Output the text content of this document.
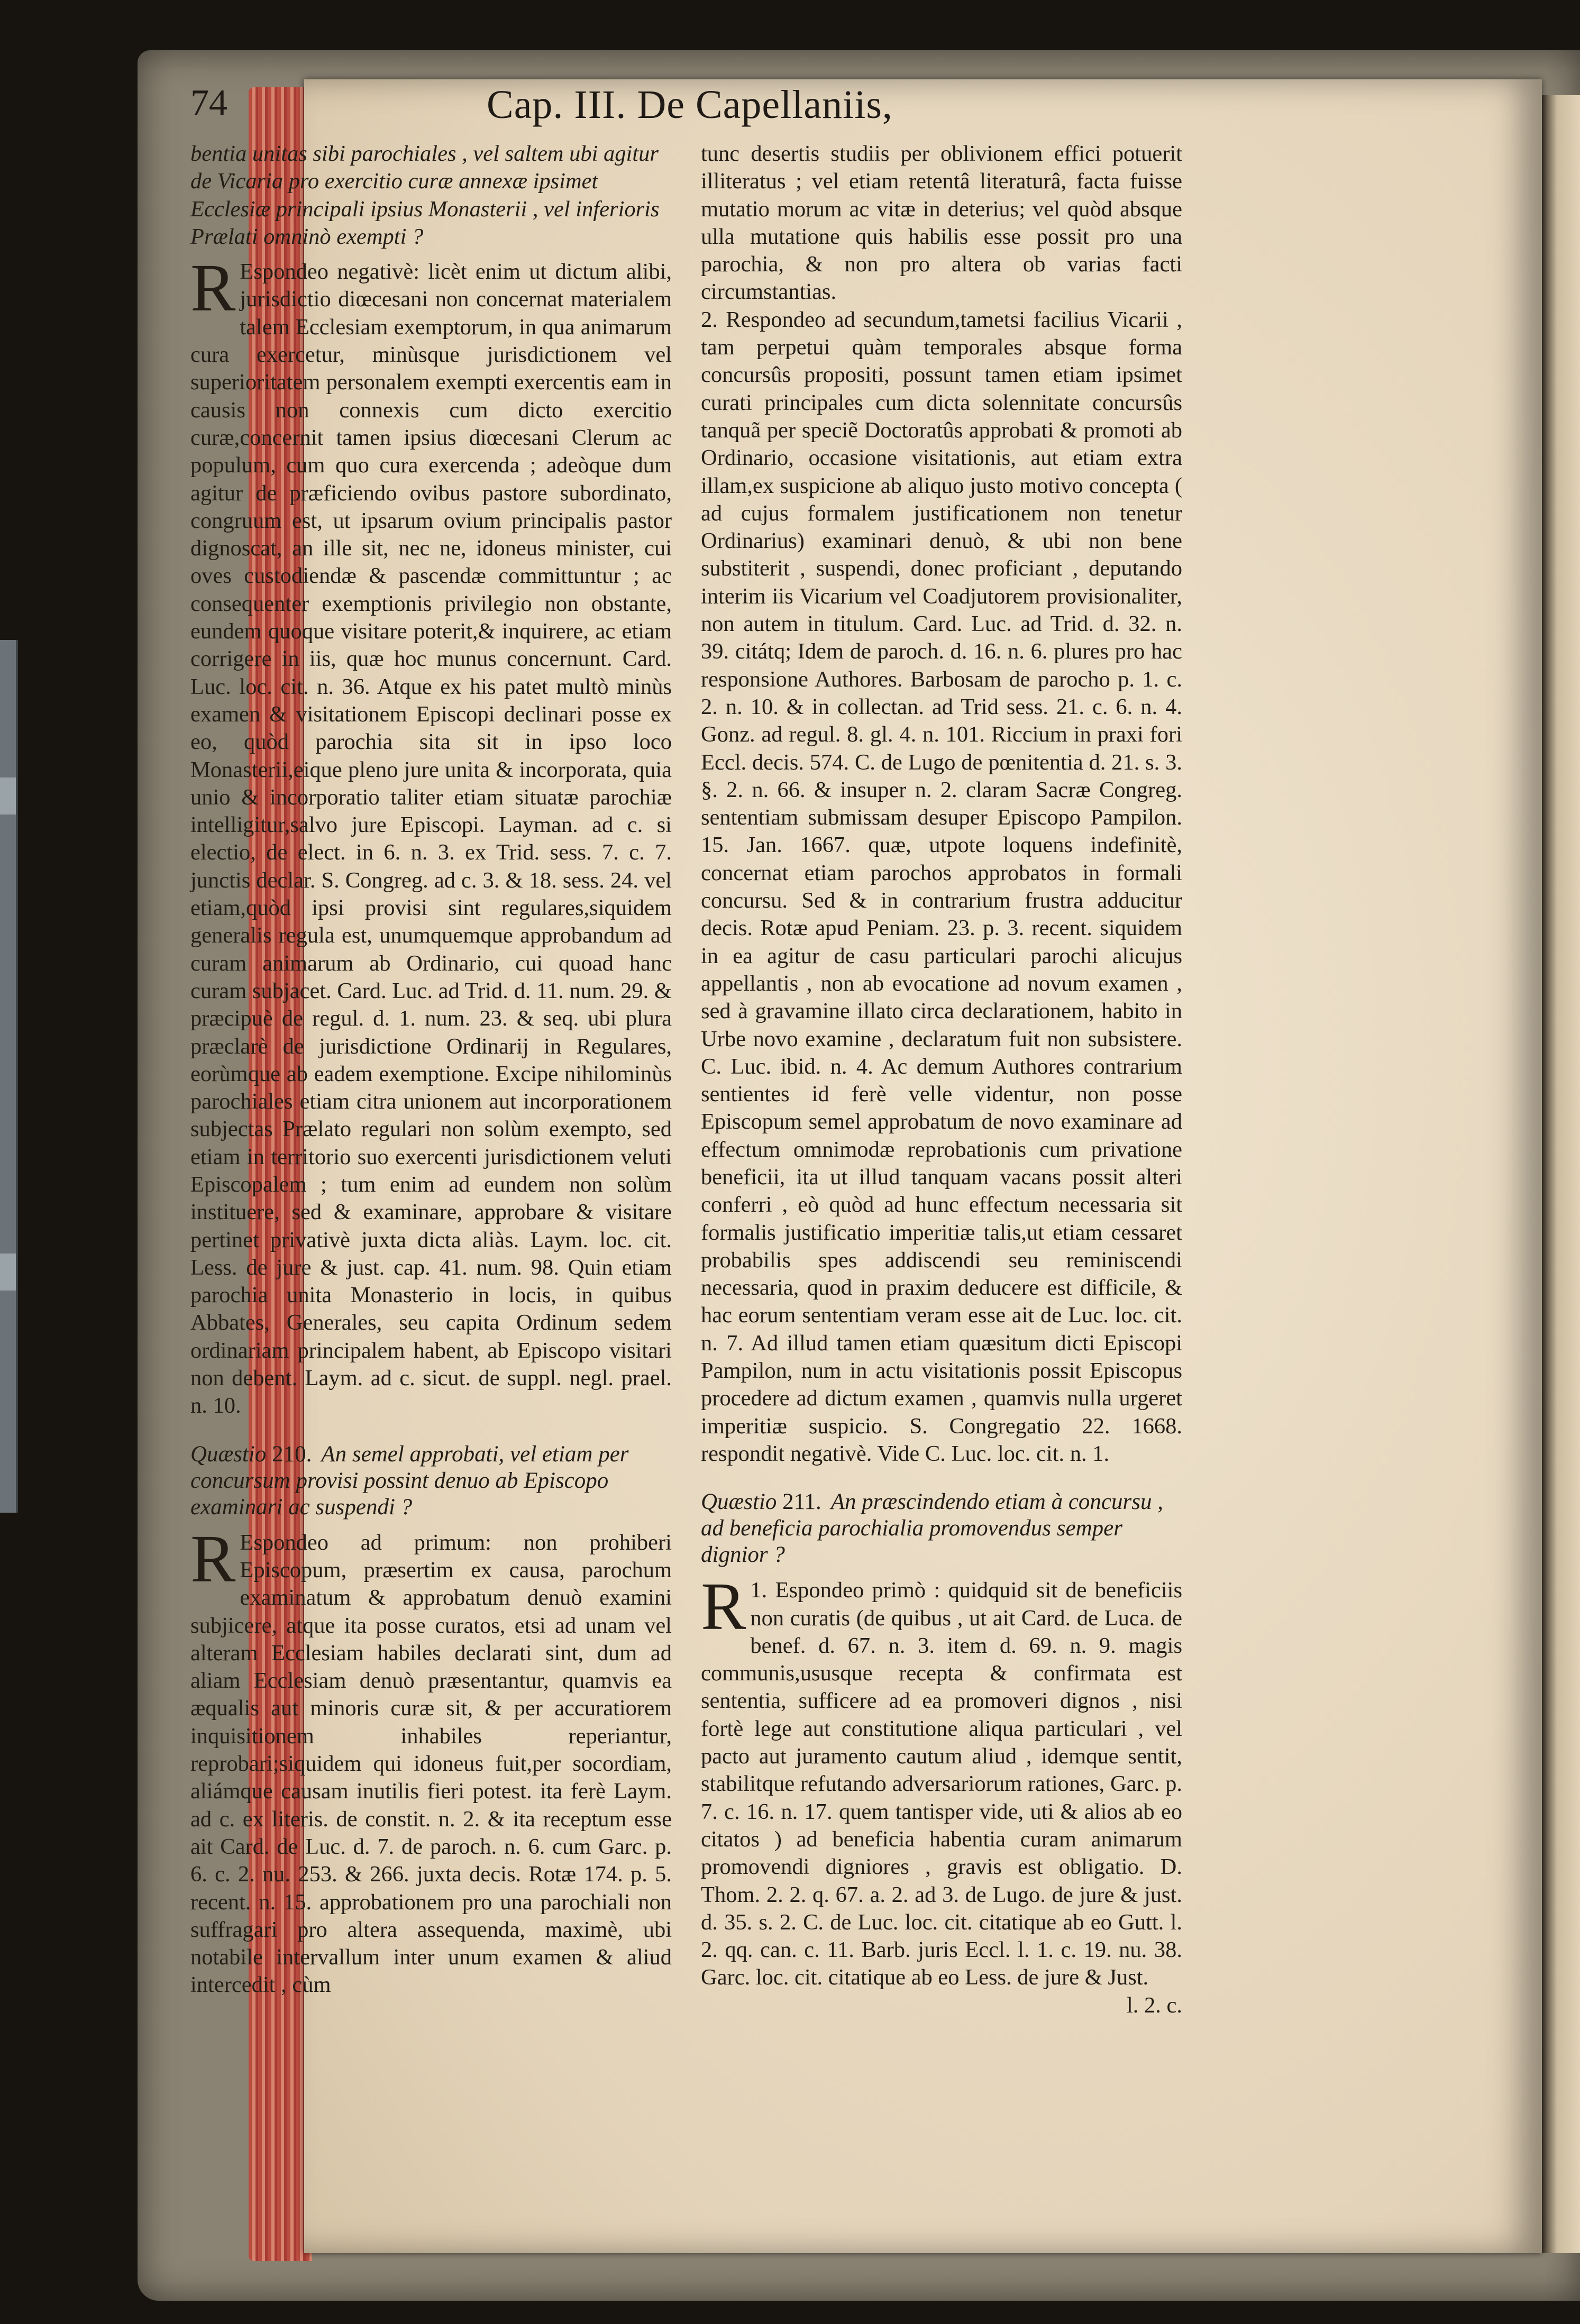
74	Cap. III. De Capellaniis,

bentia unitas sibi parochiales , vel saltem ubi agitur de Vicaria pro exercitio curæ annexæ ipsimet Ecclesiæ principali ipsius Monasterii , vel inferioris Prælati omninò exempti ?

R Espondeo negativè: licèt enim ut dictum alibi, jurisdictio diœcesani non concernat materialem talem Ecclesiam exemptorum, in qua animarum cura exercetur, minùsque jurisdictionem vel superioritatem personalem exempti exercentis eam in causis non connexis cum dicto exercitio curæ,concernit tamen ipsius diœcesani Clerum ac populum, cum quo cura exercenda ; adeòque dum agitur de præficiendo ovibus pastore subordinato, congruum est, ut ipsarum ovium principalis pastor dignoscat, an ille sit, nec ne, idoneus minister, cui oves custodiendæ & pascendæ committuntur ; ac consequenter exemptionis privilegio non obstante, eundem quoque visitare poterit,& inquirere, ac etiam corrigere in iis, quæ hoc munus concernunt. Card. Luc. loc. cit. n. 36. Atque ex his patet multò minùs examen & visitationem Episcopi declinari posse ex eo, quòd parochia sita sit in ipso loco Monasterii,eique pleno jure unita & incorporata, quia unio & incorporatio taliter etiam situatæ parochiæ intelligitur,salvo jure Episcopi. Layman. ad c. si electio, de elect. in 6. n. 3. ex Trid. sess. 7. c. 7. junctis declar. S. Congreg. ad c. 3. & 18. sess. 24. vel etiam,quòd ipsi provisi sint regulares,siquidem generalis regula est, unumquemque approbandum ad curam animarum ab Ordinario, cui quoad hanc curam subjacet. Card. Luc. ad Trid. d. 11. num. 29. & præcipuè de regul. d. 1. num. 23. & seq. ubi plura præclarè de jurisdictione Ordinarij in Regulares, eorùmque ab eadem exemptione. Excipe nihilominùs parochiales etiam citra unionem aut incorporationem subjectas Prælato regulari non solùm exempto, sed etiam in territorio suo exercenti jurisdictionem veluti Episcopalem ; tum enim ad eundem non solùm instituere, sed & examinare, approbare & visitare pertinet privativè juxta dicta aliàs. Laym. loc. cit. Less. de jure & just. cap. 41. num. 98. Quin etiam parochia unita Monasterio in locis, in quibus Abbates, Generales, seu capita Ordinum sedem ordinariam principalem habent, ab Episcopo visitari non debent. Laym. ad c. sicut. de suppl. negl. prael. n. 10.

Quæstio 210. An semel approbati, vel etiam per concursum provisi possint denuo ab Episcopo examinari ac suspendi ?

R Espondeo ad primum: non prohiberi Episcopum, præsertim ex causa, parochum examinatum & approbatum denuò examini subjicere, atque ita posse curatos, etsi ad unam vel alteram Ecclesiam habiles declarati sint, dum ad aliam Ecclesiam denuò præsentantur, quamvis ea æqualis aut minoris curæ sit, & per accuratiorem inquisitionem inhabiles reperiantur, reprobari;siquidem qui idoneus fuit,per socordiam, aliámque causam inutilis fieri potest. ita ferè Laym. ad c. ex literis. de constit. n. 2. & ita receptum esse ait Card. de Luc. d. 7. de paroch. n. 6. cum Garc. p. 6. c. 2. nu. 253. & 266. juxta decis. Rotæ 174. p. 5. recent. n. 15. approbationem pro una parochiali non suffragari pro altera assequenda, maximè, ubi notabile intervallum inter unum examen & aliud intercedit , cùm

tunc desertis studiis per oblivionem effici potuerit illiteratus ; vel etiam retentâ literaturâ, facta fuisse mutatio morum ac vitæ in deterius; vel quòd absque ulla mutatione quis habilis esse possit pro una parochia, & non pro altera ob varias facti circumstantias.

2. Respondeo ad secundum,tametsi facilius Vicarii , tam perpetui quàm temporales absque forma concursûs propositi, possunt tamen etiam ipsimet curati principales cum dicta solennitate concursûs tanquã per speciẽ Doctoratûs approbati & promoti ab Ordinario, occasione visitationis, aut etiam extra illam,ex suspicione ab aliquo justo motivo concepta ( ad cujus formalem justificationem non tenetur Ordinarius) examinari denuò, & ubi non bene substiterit , suspendi, donec proficiant , deputando interim iis Vicarium vel Coadjutorem provisionaliter, non autem in titulum. Card. Luc. ad Trid. d. 32. n. 39. citátq; Idem de paroch. d. 16. n. 6. plures pro hac responsione Authores. Barbosam de parocho p. 1. c. 2. n. 10. & in collectan. ad Trid sess. 21. c. 6. n. 4. Gonz. ad regul. 8. gl. 4. n. 101. Riccium in praxi fori Eccl. decis. 574. C. de Lugo de pœnitentia d. 21. s. 3. §. 2. n. 66. & insuper n. 2. claram Sacræ Congreg. sententiam submissam desuper Episcopo Pampilon. 15. Jan. 1667. quæ, utpote loquens indefinitè, concernat etiam parochos approbatos in formali concursu. Sed & in contrarium frustra adducitur decis. Rotæ apud Peniam. 23. p. 3. recent. siquidem in ea agitur de casu particulari parochi alicujus appellantis , non ab evocatione ad novum examen , sed à gravamine illato circa declarationem, habito in Urbe novo examine , declaratum fuit non subsistere. C. Luc. ibid. n. 4. Ac demum Authores contrarium sentientes id ferè velle videntur, non posse Episcopum semel approbatum de novo examinare ad effectum omnimodæ reprobationis cum privatione beneficii, ita ut illud tanquam vacans possit alteri conferri , eò quòd ad hunc effectum necessaria sit formalis justificatio imperitiæ talis,ut etiam cessaret probabilis spes addiscendi seu reminiscendi necessaria, quod in praxim deducere est difficile, & hac eorum sententiam veram esse ait de Luc. loc. cit. n. 7. Ad illud tamen etiam quæsitum dicti Episcopi Pampilon, num in actu visitationis possit Episcopus procedere ad dictum examen , quamvis nulla urgeret imperitiæ suspicio. S. Congregatio 22. 1668. respondit negativè. Vide C. Luc. loc. cit. n. 1.

Quæstio 211. An præscindendo etiam à concursu , ad beneficia parochialia promovendus semper dignior ?

1.
R Espondeo primò : quidquid sit de beneficiis non curatis (de quibus , ut ait Card. de Luca. de benef. d. 67. n. 3. item d. 69. n. 9. magis communis,ususque recepta & confirmata est sententia, sufficere ad ea promoveri dignos , nisi fortè lege aut constitutione aliqua particulari , vel pacto aut juramento cautum aliud , idemque sentit, stabilitque refutando adversariorum rationes, Garc. p. 7. c. 16. n. 17. quem tantisper vide, uti & alios ab eo citatos ) ad beneficia habentia curam animarum promovendi digniores , gravis est obligatio. D. Thom. 2. 2. q. 67. a. 2. ad 3. de Lugo. de jure & just. d. 35. s. 2. C. de Luc. loc. cit. citatique ab eo Gutt. l. 2. qq. can. c. 11. Barb. juris Eccl. l. 1. c. 19. nu. 38. Garc. loc. cit. citatique ab eo Less. de jure & Just.

l. 2. c.
